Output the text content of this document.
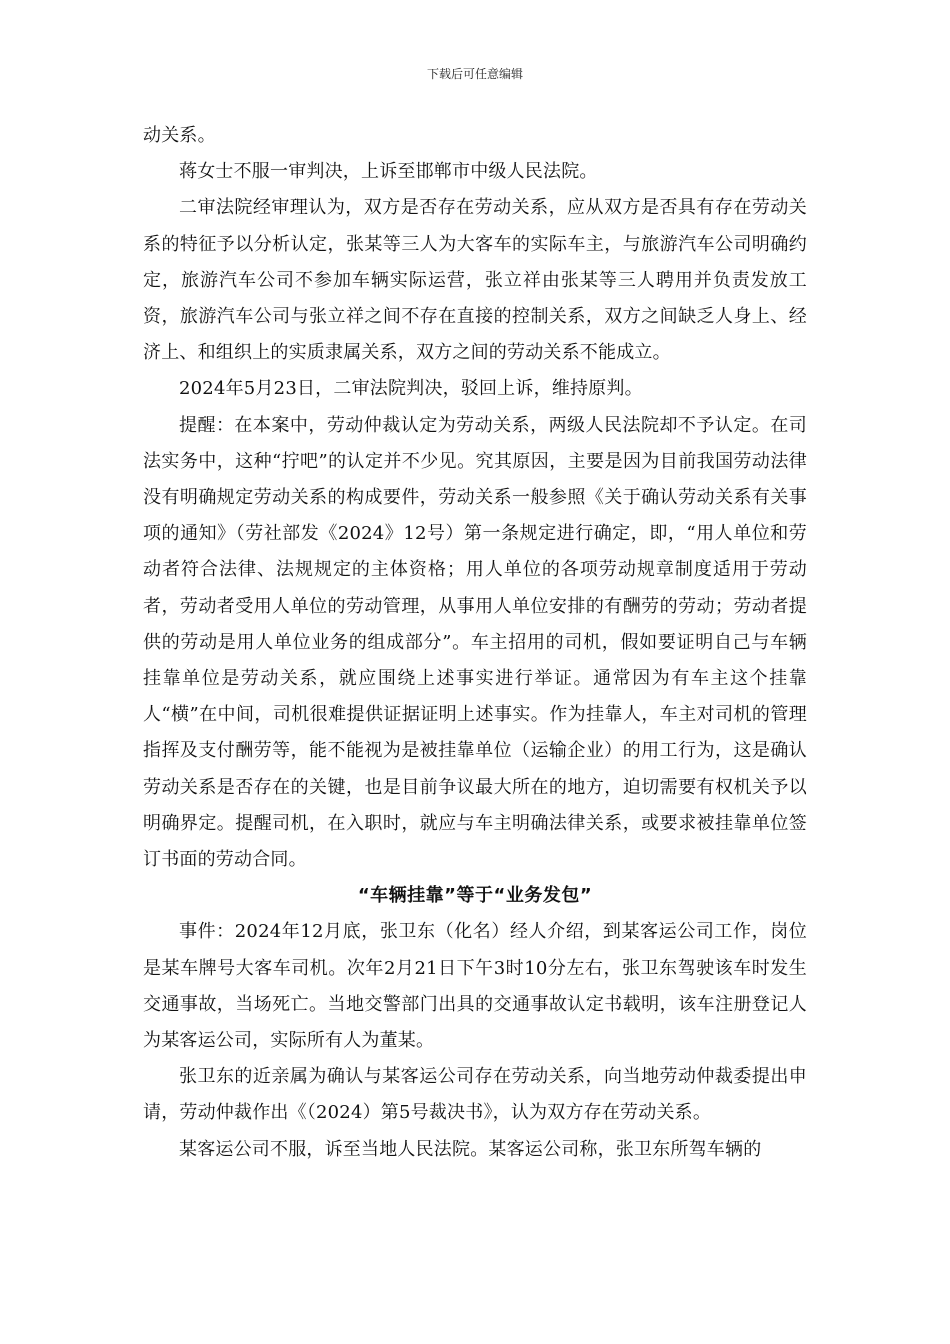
下载后可任意编辑

动关系。

蒋女士不服一审判决，上诉至邯郸市中级人民法院。

二审法院经审理认为，双方是否存在劳动关系，应从双方是否具有存在劳动关系的特征予以分析认定，张某等三人为大客车的实际车主，与旅游汽车公司明确约定，旅游汽车公司不参加车辆实际运营，张立祥由张某等三人聘用并负责发放工资，旅游汽车公司与张立祥之间不存在直接的控制关系，双方之间缺乏人身上、经济上、和组织上的实质隶属关系，双方之间的劳动关系不能成立。

2024年5月23日，二审法院判决，驳回上诉，维持原判。

提醒：在本案中，劳动仲裁认定为劳动关系，两级人民法院却不予认定。在司法实务中，这种“拧吧”的认定并不少见。究其原因，主要是因为目前我国劳动法律没有明确规定劳动关系的构成要件，劳动关系一般参照《关于确认劳动关系有关事项的通知》（劳社部发《2024》12号）第一条规定进行确定，即，“用人单位和劳动者符合法律、法规规定的主体资格；用人单位的各项劳动规章制度适用于劳动者，劳动者受用人单位的劳动管理，从事用人单位安排的有酬劳的劳动；劳动者提供的劳动是用人单位业务的组成部分”。车主招用的司机，假如要证明自己与车辆挂靠单位是劳动关系，就应围绕上述事实进行举证。通常因为有车主这个挂靠人“横”在中间，司机很难提供证据证明上述事实。作为挂靠人，车主对司机的管理指挥及支付酬劳等，能不能视为是被挂靠单位（运输企业）的用工行为，这是确认劳动关系是否存在的关键，也是目前争议最大所在的地方，迫切需要有权机关予以明确界定。提醒司机，在入职时，就应与车主明确法律关系，或要求被挂靠单位签订书面的劳动合同。

“车辆挂靠”等于“业务发包”

事件：2024年12月底，张卫东（化名）经人介绍，到某客运公司工作，岗位是某车牌号大客车司机。次年2月21日下午3时10分左右，张卫东驾驶该车时发生交通事故，当场死亡。当地交警部门出具的交通事故认定书载明，该车注册登记人为某客运公司，实际所有人为董某。

张卫东的近亲属为确认与某客运公司存在劳动关系，向当地劳动仲裁委提出申请，劳动仲裁作出《（2024）第5号裁决书》，认为双方存在劳动关系。

某客运公司不服，诉至当地人民法院。某客运公司称，张卫东所驾车辆的
